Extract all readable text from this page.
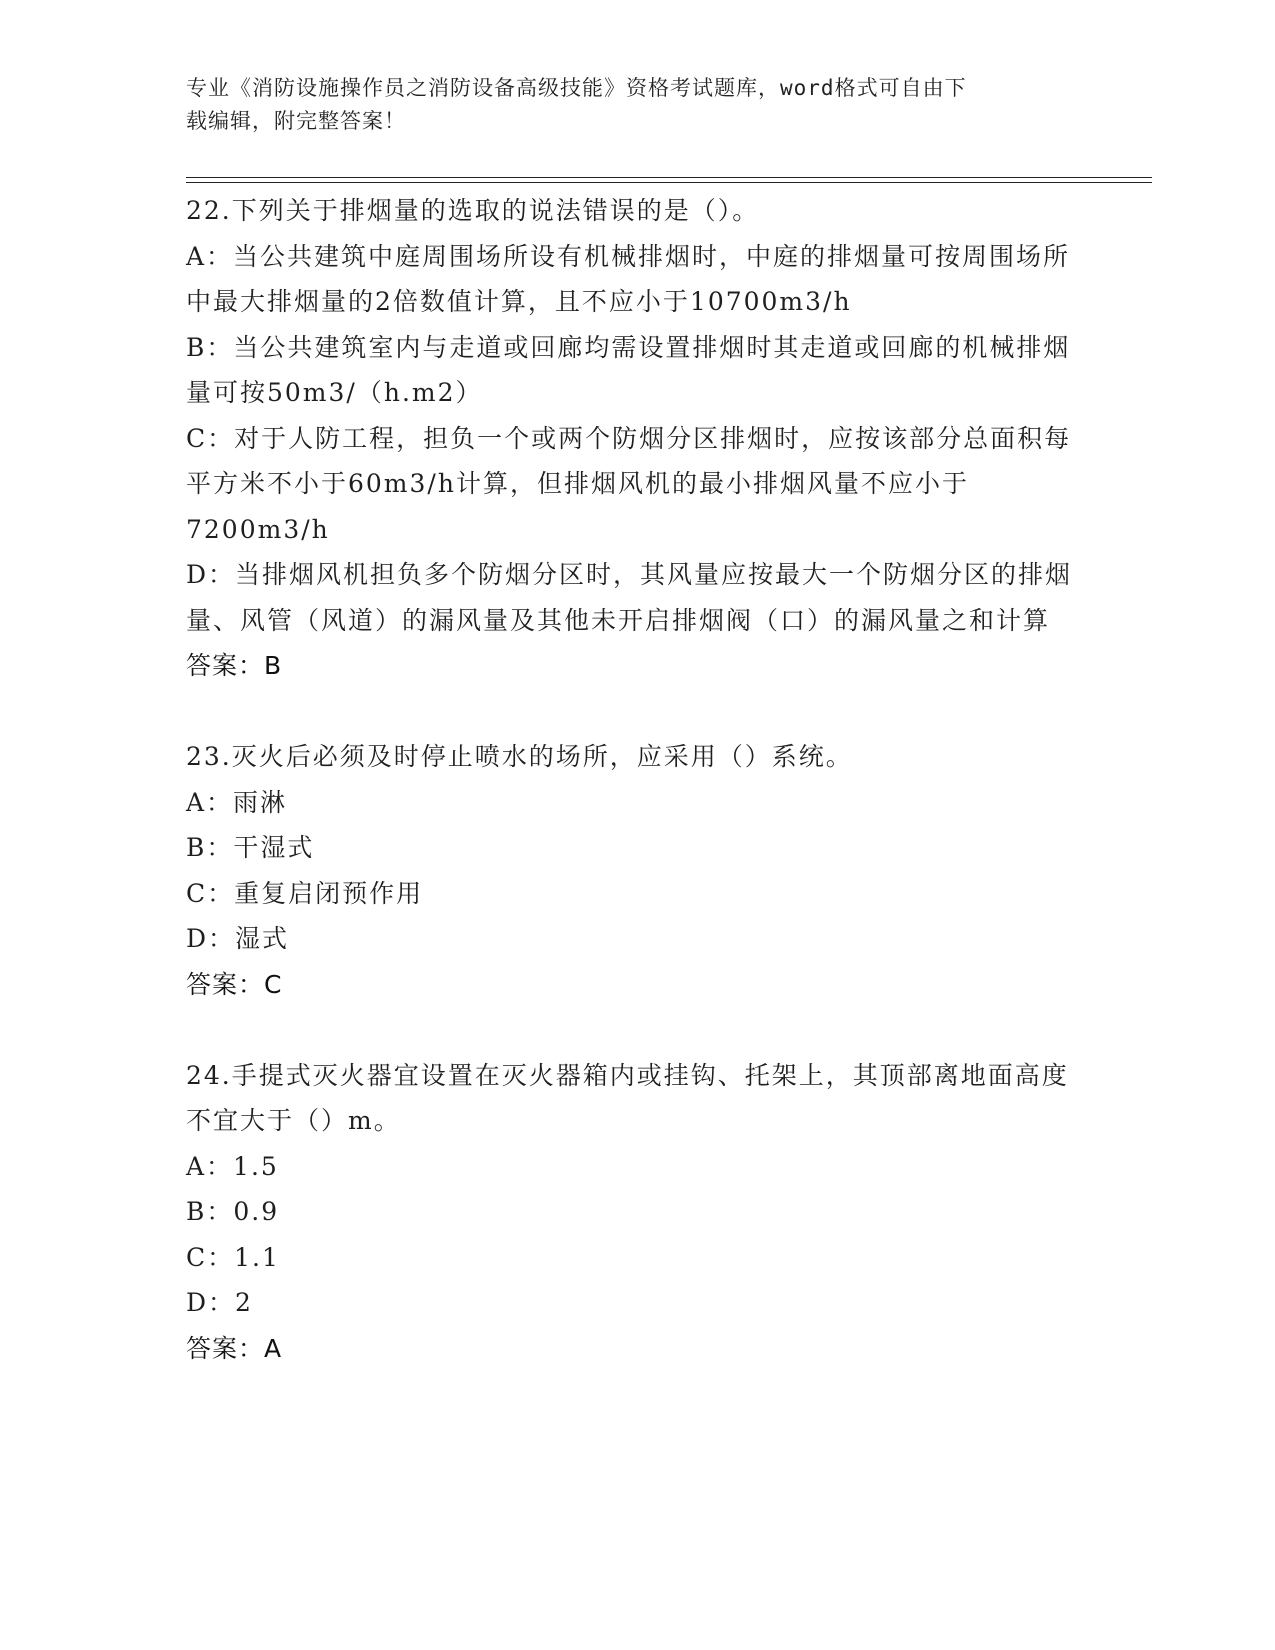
专业《消防设施操作员之消防设备高级技能》资格考试题库，word格式可自由下
载编辑，附完整答案！

22.下列关于排烟量的选取的说法错误的是（）。

A：当公共建筑中庭周围场所设有机械排烟时，中庭的排烟量可按周围场所中最大排烟量的2倍数值计算，且不应小于10700m3/h

B：当公共建筑室内与走道或回廊均需设置排烟时其走道或回廊的机械排烟量可按50m3/（h.m2）

C：对于人防工程，担负一个或两个防烟分区排烟时，应按该部分总面积每平方米不小于60m3/h计算，但排烟风机的最小排烟风量不应小于7200m3/h

D：当排烟风机担负多个防烟分区时，其风量应按最大一个防烟分区的排烟量、风管（风道）的漏风量及其他未开启排烟阀（口）的漏风量之和计算

答案：B

23.灭火后必须及时停止喷水的场所，应采用（）系统。

A：雨淋

B：干湿式

C：重复启闭预作用

D：湿式

答案：C

24.手提式灭火器宜设置在灭火器箱内或挂钩、托架上，其顶部离地面高度不宜大于（）m。

A：1.5

B：0.9

C：1.1

D：2

答案：A
